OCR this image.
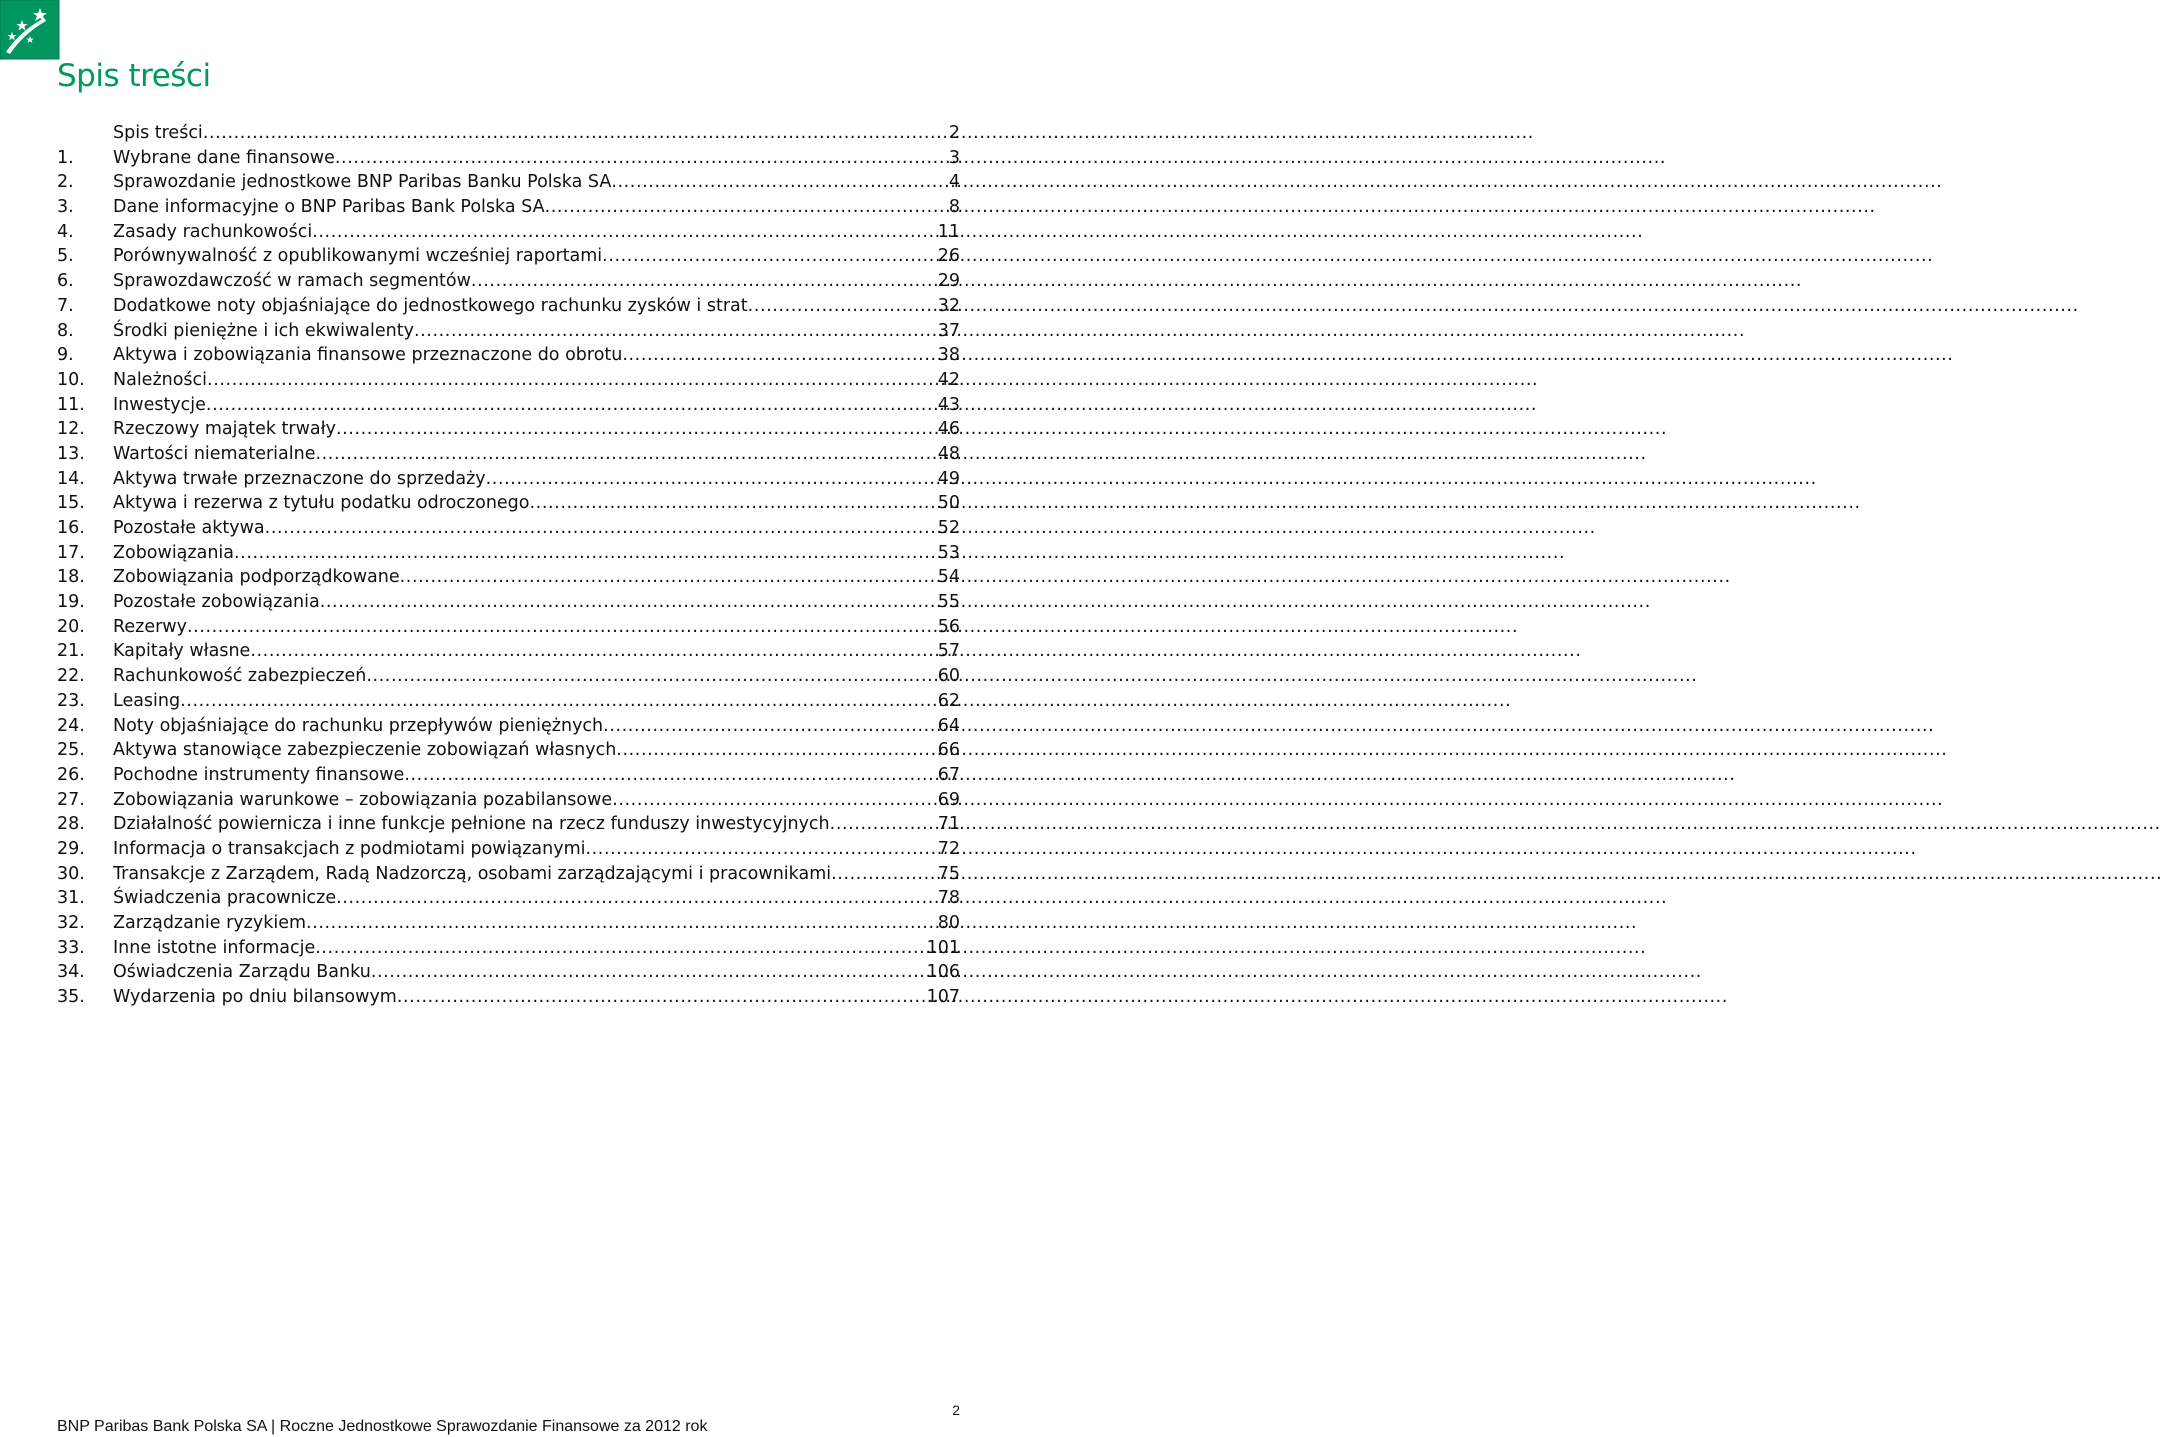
Spis treści
Spis treści .....	2
1.	Wybrane dane finansowe .....	3
2.	Sprawozdanie jednostkowe BNP Paribas Banku Polska SA .....	4
3.	Dane informacyjne o BNP Paribas Bank Polska SA .....	8
4.	Zasady rachunkowości .....	11
5.	Porównywalność z opublikowanymi wcześniej raportami .....	26
6.	Sprawozdawczość w ramach segmentów .....	29
7.	Dodatkowe noty objaśniające do jednostkowego rachunku zysków i strat .....	32
8.	Środki pieniężne i ich ekwiwalenty .....	37
9.	Aktywa i zobowiązania finansowe przeznaczone do obrotu .....	38
10.	Należności .....	42
11.	Inwestycje .....	43
12.	Rzeczowy majątek trwały .....	46
13.	Wartości niematerialne .....	48
14.	Aktywa trwałe przeznaczone do sprzedaży .....	49
15.	Aktywa i rezerwa z tytułu podatku odroczonego .....	50
16.	Pozostałe aktywa .....	52
17.	Zobowiązania .....	53
18.	Zobowiązania podporządkowane .....	54
19.	Pozostałe zobowiązania .....	55
20.	Rezerwy .....	56
21.	Kapitały własne .....	57
22.	Rachunkowość zabezpieczeń .....	60
23.	Leasing .....	62
24.	Noty objaśniające do rachunku przepływów pieniężnych .....	64
25.	Aktywa stanowiące zabezpieczenie zobowiązań własnych .....	66
26.	Pochodne instrumenty finansowe .....	67
27.	Zobowiązania warunkowe – zobowiązania pozabilansowe .....	69
28.	Działalność powiernicza i inne funkcje pełnione na rzecz funduszy inwestycyjnych .....	71
29.	Informacja o transakcjach z podmiotami powiązanymi .....	72
30.	Transakcje z Zarządem, Radą Nadzorczą, osobami zarządzającymi i pracownikami .....	75
31.	Świadczenia pracownicze .....	78
32.	Zarządzanie ryzykiem .....	80
33.	Inne istotne informacje .....	101
34.	Oświadczenia Zarządu Banku .....	106
35.	Wydarzenia po dniu bilansowym .....	107
BNP Paribas Bank Polska SA | Roczne Jednostkowe Sprawozdanie Finansowe za 2012 rok
2
